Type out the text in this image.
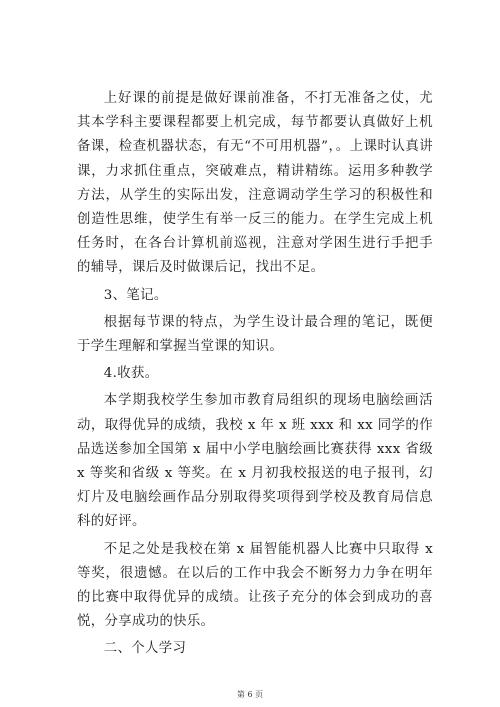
上好课的前提是做好课前准备，不打无准备之仗，尤其本学科主要课程都要上机完成，每节都要认真做好上机备课，检查机器状态，有无“不可用机器”，。上课时认真讲课，力求抓住重点，突破难点，精讲精练。运用多种教学方法，从学生的实际出发，注意调动学生学习的积极性和创造性思维，使学生有举一反三的能力。在学生完成上机任务时，在各台计算机前巡视，注意对学困生进行手把手的辅导，课后及时做课后记，找出不足。

3、笔记。

根据每节课的特点，为学生设计最合理的笔记，既便于学生理解和掌握当堂课的知识。

4.收获。

本学期我校学生参加市教育局组织的现场电脑绘画活动，取得优异的成绩，我校 x 年 x 班 xxx 和 xx 同学的作品选送参加全国第 x 届中小学电脑绘画比赛获得 xxx 省级 x 等奖和省级 x 等奖。在 x 月初我校报送的电子报刊，幻灯片及电脑绘画作品分别取得奖项得到学校及教育局信息科的好评。

不足之处是我校在第 x 届智能机器人比赛中只取得 x 等奖，很遗憾。在以后的工作中我会不断努力力争在明年的比赛中取得优异的成绩。让孩子充分的体会到成功的喜悦，分享成功的快乐。

二、个人学习

第 6 页
